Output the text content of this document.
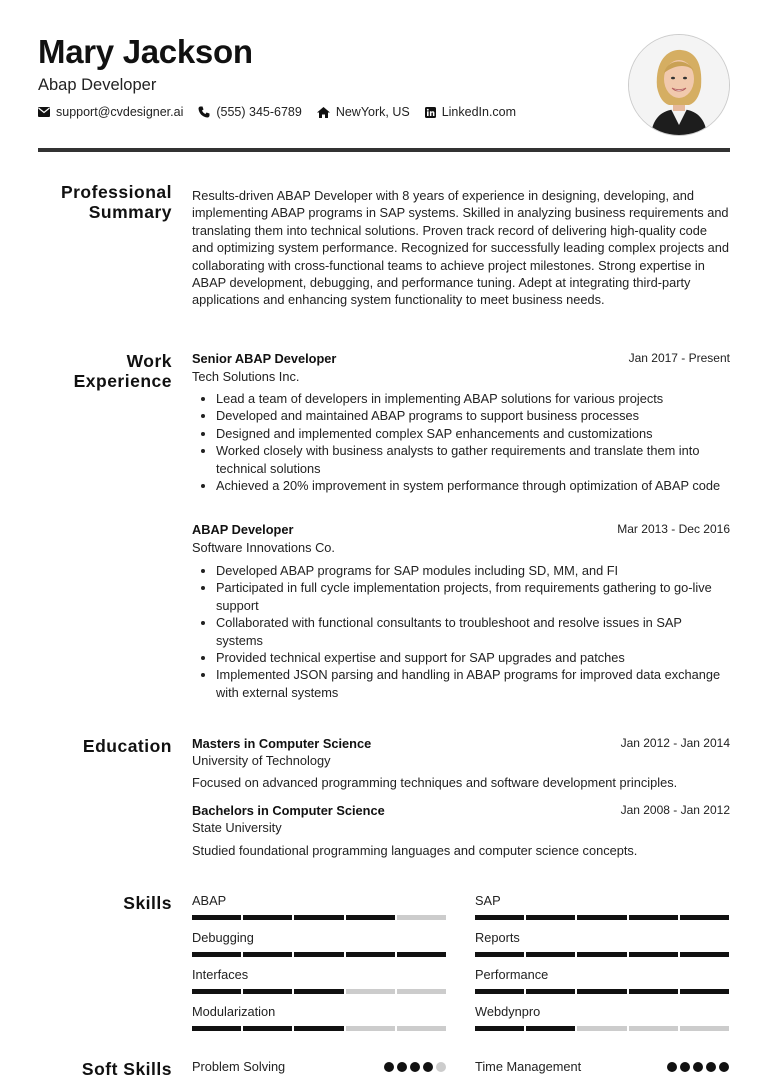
Mary Jackson
Abap Developer
support@cvdesigner.ai	(555) 345-6789	NewYork, US	LinkedIn.com
Professional
Summary

Results-driven ABAP Developer with 8 years of experience in designing, developing, and implementing ABAP programs in SAP systems. Skilled in analyzing business requirements and translating them into technical solutions. Proven track record of delivering high-quality code and optimizing system performance. Recognized for successfully leading complex projects and collaborating with cross-functional teams to achieve project milestones. Strong expertise in ABAP development, debugging, and performance tuning. Adept at integrating third-party applications and enhancing system functionality to meet business needs.

Work
Experience
Senior ABAP Developer	Jan 2017 - Present
Tech Solutions Inc.
• Lead a team of developers in implementing ABAP solutions for various projects
• Developed and maintained ABAP programs to support business processes
• Designed and implemented complex SAP enhancements and customizations
• Worked closely with business analysts to gather requirements and translate them into technical solutions
• Achieved a 20% improvement in system performance through optimization of ABAP code
ABAP Developer	Mar 2013 - Dec 2016
Software Innovations Co.
• Developed ABAP programs for SAP modules including SD, MM, and FI
• Participated in full cycle implementation projects, from requirements gathering to go-live support
• Collaborated with functional consultants to troubleshoot and resolve issues in SAP systems
• Provided technical expertise and support for SAP upgrades and patches
• Implemented JSON parsing and handling in ABAP programs for improved data exchange with external systems
Education Masters in Computer Science	Jan 2012 - Jan 2014
University of Technology
Focused on advanced programming techniques and software development principles.
Bachelors in Computer Science	Jan 2008 - Jan 2012
State University
Studied foundational programming languages and computer science concepts.
Skills ABAP	SAP
Debugging	Reports
Interfaces	Performance
Modularization	Webdynpro
Soft Skills Problem Solving	Time Management
